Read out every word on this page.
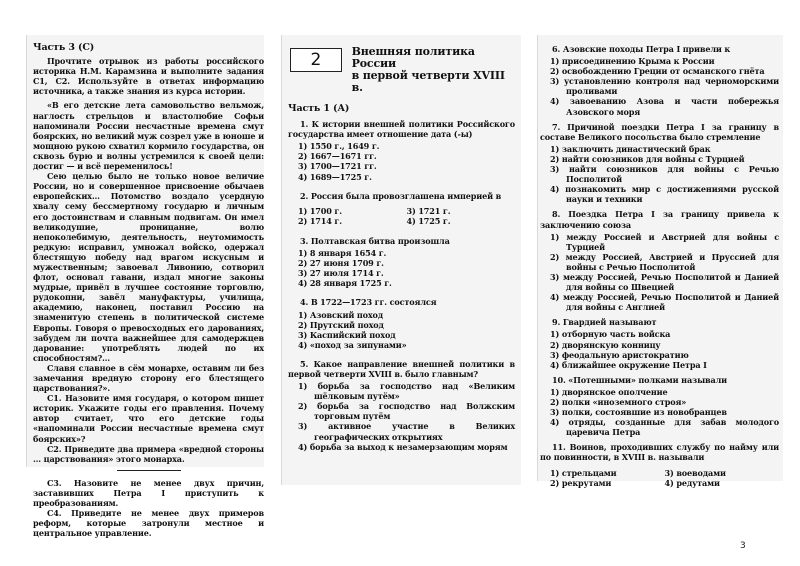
Часть 3 (С)

Прочтите отрывок из работы российского историка Н.М. Карамзина и выполните задания С1, С2. Используйте в ответах информацию источника, а также знания из курса истории.

«В его детские лета самовольство вельмож, наглость стрельцов и властолюбие Софьи напоминали России несчастные времена смут боярских, но великий муж созрел уже в юноше и мощною рукою схватил кормило государства, он сквозь бурю и волны устремился к своей цели: достиг — и всё переменилось!

Сею целью было не только новое величие России, но и совершенное присвоение обычаев европейских… Потомство воздало усердную хвалу сему бессмертному государю и личным его достоинствам и славным подвигам. Он имел великодушие, проницание, волю непоколебимую, деятельность, неутомимость редкую: исправил, умножал войско, одержал блестящую победу над врагом искусным и мужественным; завоевал Ливонию, сотворил флот, основал гавани, издал многие законы мудрые, привёл в лучшее состояние торговлю, рудокопни, завёл мануфактуры, училища, академию, наконец, поставил Россию на знаменитую степень в политической системе Европы. Говоря о превосходных его дарованиях, забудем ли почта важнейшее для самодержцев дарование: употреблять людей по их способностям?…

Славя славное в сём монархе, оставим ли без замечания вредную сторону его блестящего царствования?».

С1. Назовите имя государя, о котором пишет историк. Укажите годы его правления. Почему автор считает, что его детские годы «напоминали России несчастные времена смут боярских»?

С2. Приведите два примера «вредной стороны … царствования» этого монарха.

С3. Назовите не менее двух причин, заставивших Петра I приступить к преобразованиям.

С4. Приведите не менее двух примеров реформ, которые затронули местное и центральное управление.

2	Внешняя политика России
в первой четверти XVIII в.
Часть 1 (А)

1. К истории внешней политики Российского государства имеет отношение дата (-ы)

1) 1550 г., 1649 г.
2) 1667—1671 гг.
3) 1700—1721 гг.
4) 1689—1725 г.

2. Россия была провозглашена империей в

1) 1700 г.	3) 1721 г.
2) 1714 г.	4) 1725 г.

3. Полтавская битва произошла

1) 8 января 1654 г.
2) 27 июня 1709 г.
3) 27 июля 1714 г.
4) 28 января 1725 г.

4. В 1722—1723 гг. состоялся

1) Азовский поход
2) Прутский поход
3) Каспийский поход
4) «поход за зипунами»

5. Какое направление внешней политики в первой четверти XVIII в. было главным?

1) борьба за господство над «Великим шёлковым путём»
2) борьба за господство над Волжским торговым путём
3) активное участие в Великих географических открытиях
4) борьба за выход к незамерзающим морям

6. Азовские походы Петра I привели к

1) присоединению Крыма к России
2) освобождению Греции от османского гнёта
3) установлению контроля над черноморскими проливами
4) завоеванию Азова и части побережья Азовского моря

7. Причиной поездки Петра I за границу в составе Великого посольства было стремление

1) заключить династический брак
2) найти союзников для войны с Турцией
3) найти союзников для войны с Речью Посполитой
4) познакомить мир с достижениями русской науки и техники

8. Поездка Петра I за границу привела к заключению союза

1) между Россией и Австрией для войны с Турцией
2) между Россией, Австрией и Пруссией для войны с Речью Посполитой
3) между Россией, Речью Посполитой и Данией для войны со Швецией
4) между Россией, Речью Посполитой и Данией для войны с Англией

9. Гвардией называют

1) отборную часть войска
2) дворянскую конницу
3) феодальную аристократию
4) ближайшее окружение Петра I

10. «Потешными» полками называли

1) дворянское ополчение
2) полки «иноземного строя»
3) полки, состоявшие из новобранцев
4) отряды, созданные для забав молодого царевича Петра

11. Воинов, проходивших службу по найму или по повинности, в XVIII в. называли

1) стрельцами	3) воеводами
2) рекрутами	4) редутами
3
